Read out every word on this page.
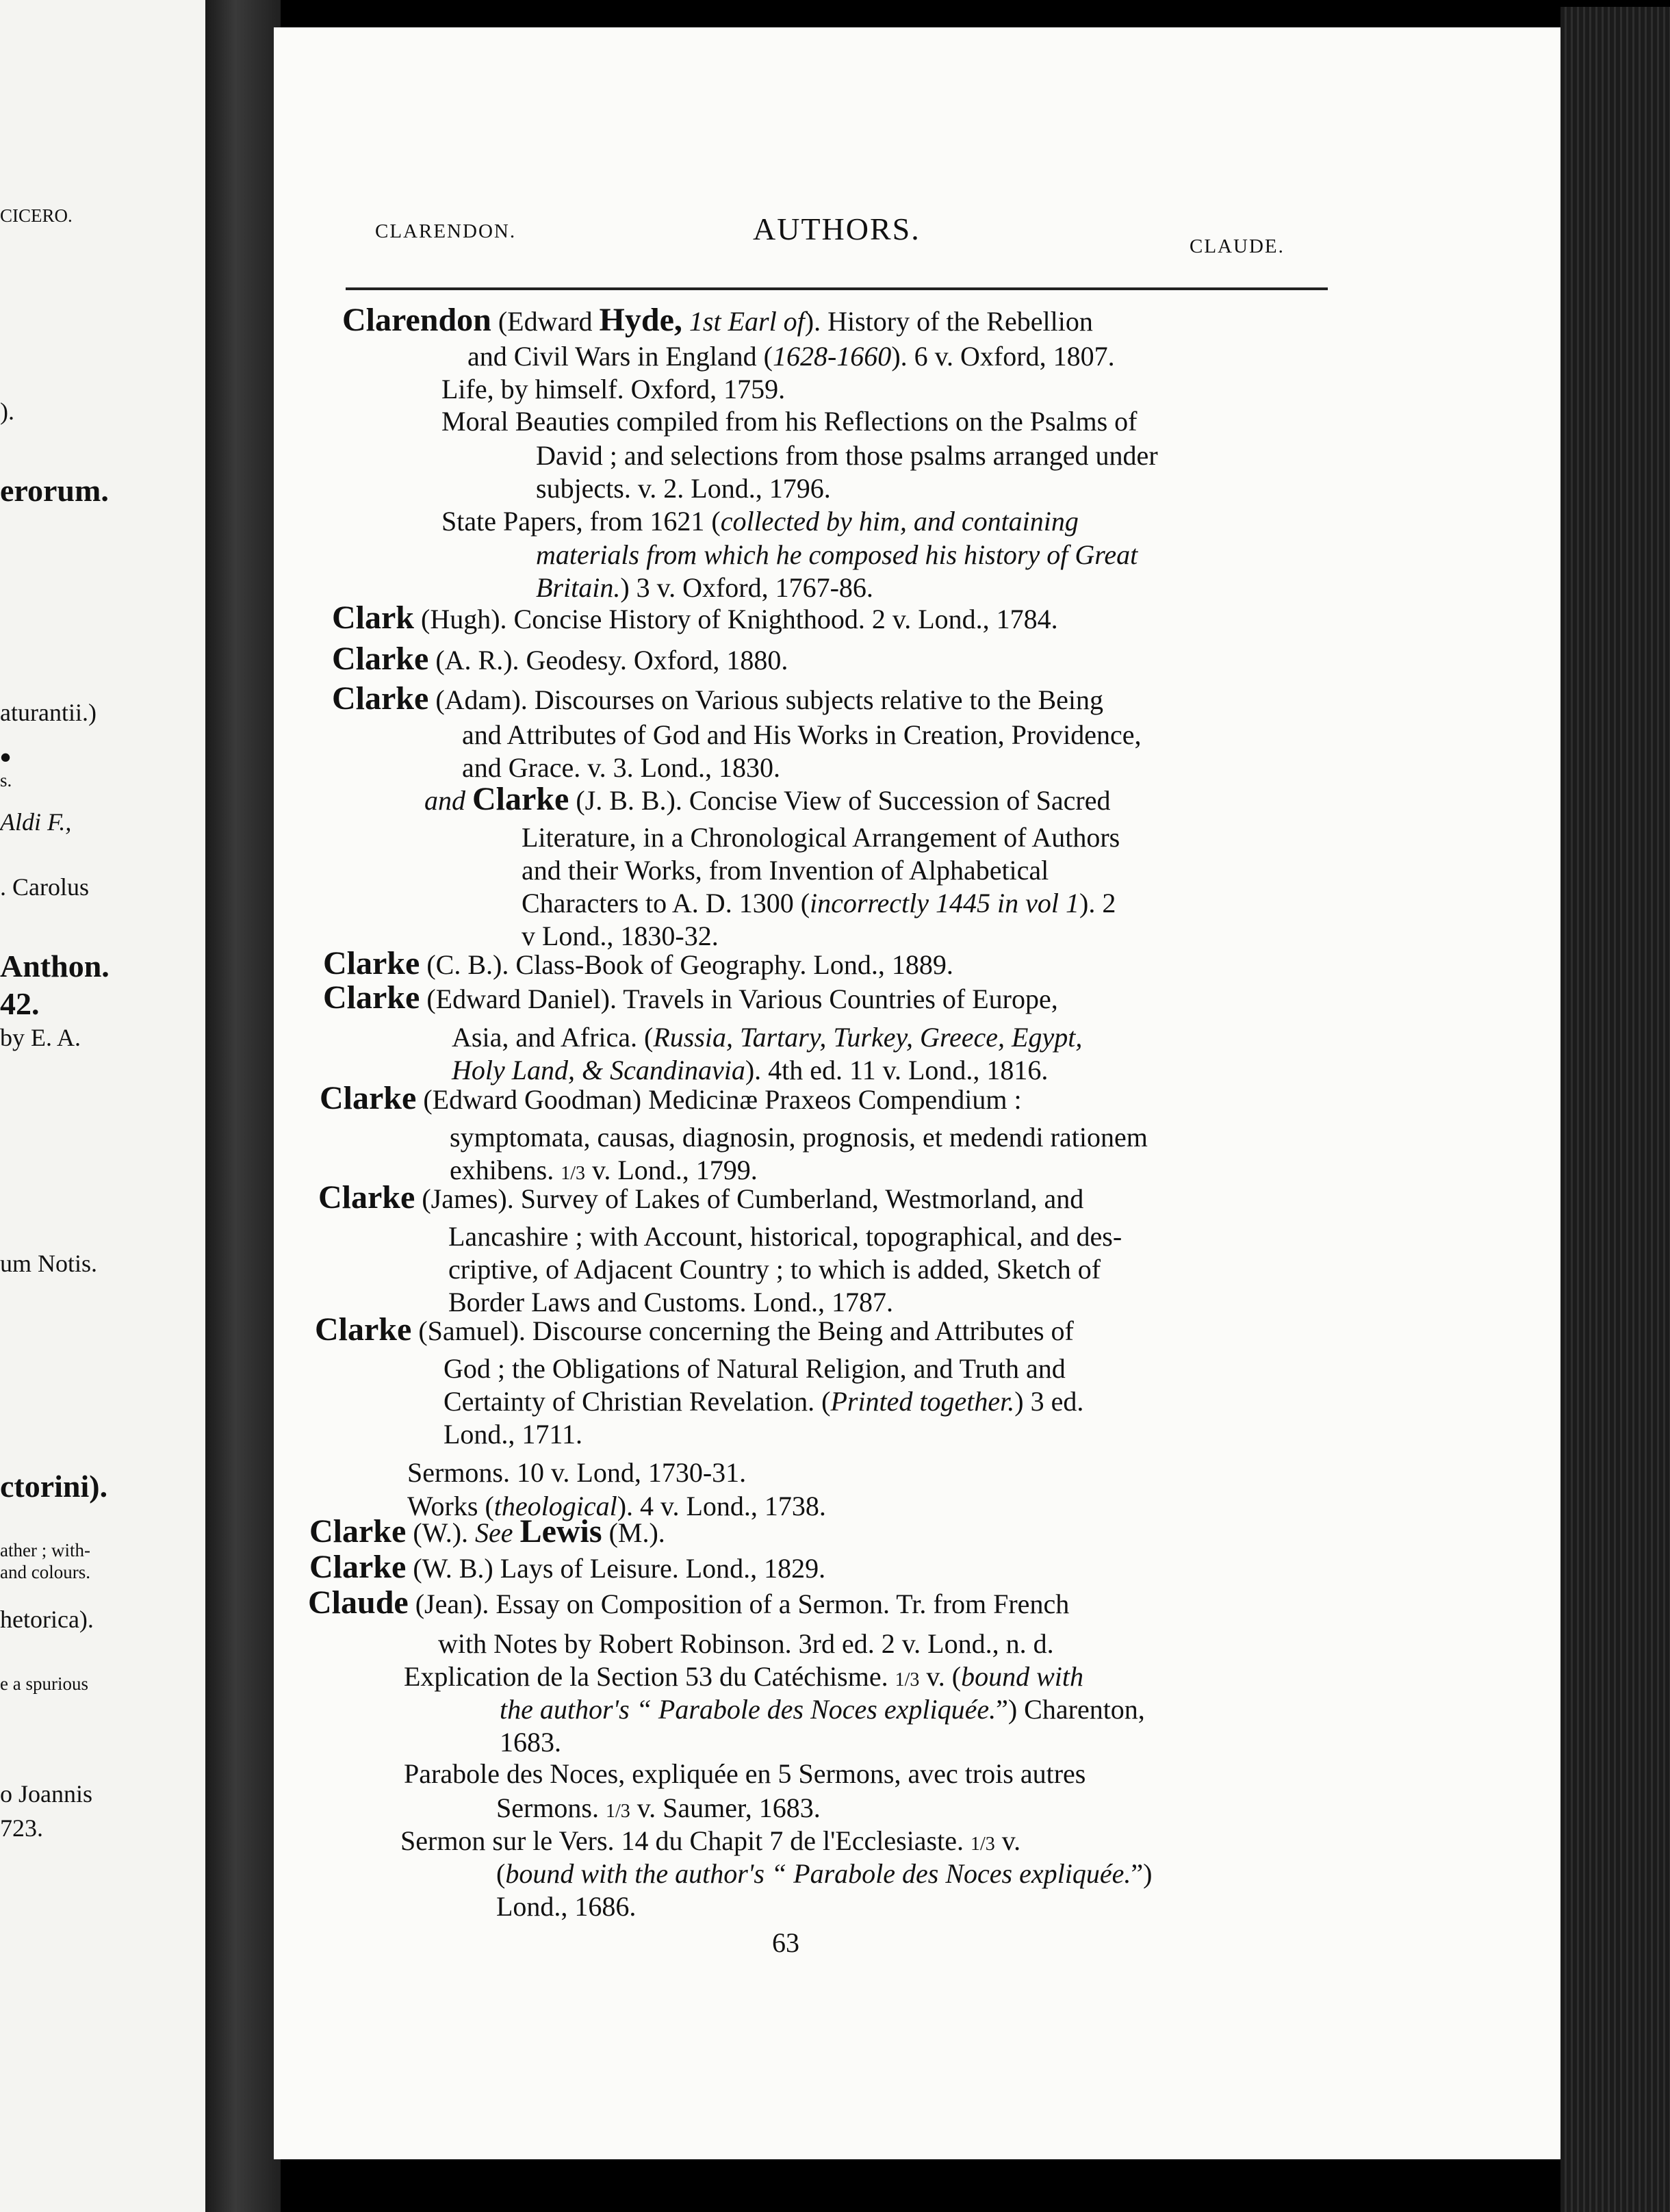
CICERO.
).
erorum.
aturantii.)
•
s.
Aldi F.,
. Carolus
Anthon.
42.
by E. A.
um Notis.
ctorini).
ather ; with-
and colours.
hetorica).
e a spurious
o Joannis
723.
CLARENDON.	AUTHORS.	CLAUDE.
Clarendon (Edward Hyde, 1st Earl of). History of the Rebellion
and Civil Wars in England (1628-1660). 6 v. Oxford, 1807.
Life, by himself. Oxford, 1759.
Moral Beauties compiled from his Reflections on the Psalms of
David ; and selections from those psalms arranged under
subjects. v. 2. Lond., 1796.
State Papers, from 1621 (collected by him, and containing
materials from which he composed his history of Great
Britain.) 3 v. Oxford, 1767-86.
Clark (Hugh). Concise History of Knighthood. 2 v. Lond., 1784.
Clarke (A. R.). Geodesy. Oxford, 1880.
Clarke (Adam). Discourses on Various subjects relative to the Being
and Attributes of God and His Works in Creation, Providence,
and Grace. v. 3. Lond., 1830.
and Clarke (J. B. B.). Concise View of Succession of Sacred
Literature, in a Chronological Arrangement of Authors
and their Works, from Invention of Alphabetical
Characters to A. D. 1300 (incorrectly 1445 in vol 1). 2
v Lond., 1830-32.
Clarke (C. B.). Class-Book of Geography. Lond., 1889.
Clarke (Edward Daniel). Travels in Various Countries of Europe,
Asia, and Africa. (Russia, Tartary, Turkey, Greece, Egypt,
Holy Land, & Scandinavia). 4th ed. 11 v. Lond., 1816.
Clarke (Edward Goodman) Medicinæ Praxeos Compendium :
symptomata, causas, diagnosin, prognosis, et medendi rationem
exhibens. 1/3 v. Lond., 1799.
Clarke (James). Survey of Lakes of Cumberland, Westmorland, and
Lancashire ; with Account, historical, topographical, and des-
criptive, of Adjacent Country ; to which is added, Sketch of
Border Laws and Customs. Lond., 1787.
Clarke (Samuel). Discourse concerning the Being and Attributes of
God ; the Obligations of Natural Religion, and Truth and
Certainty of Christian Revelation. (Printed together.) 3 ed.
Lond., 1711.
Sermons. 10 v. Lond, 1730-31.
Works (theological). 4 v. Lond., 1738.
Clarke (W.). See Lewis (M.).
Clarke (W. B.) Lays of Leisure. Lond., 1829.
Claude (Jean). Essay on Composition of a Sermon. Tr. from French
with Notes by Robert Robinson. 3rd ed. 2 v. Lond., n. d.
Explication de la Section 53 du Catéchisme. 1/3 v. (bound with
the author's “ Parabole des Noces expliquée.”) Charenton,
1683.
Parabole des Noces, expliquée en 5 Sermons, avec trois autres
Sermons. 1/3 v. Saumer, 1683.
Sermon sur le Vers. 14 du Chapit 7 de l'Ecclesiaste. 1/3 v.
(bound with the author's “ Parabole des Noces expliquée.”)
Lond., 1686.
63
